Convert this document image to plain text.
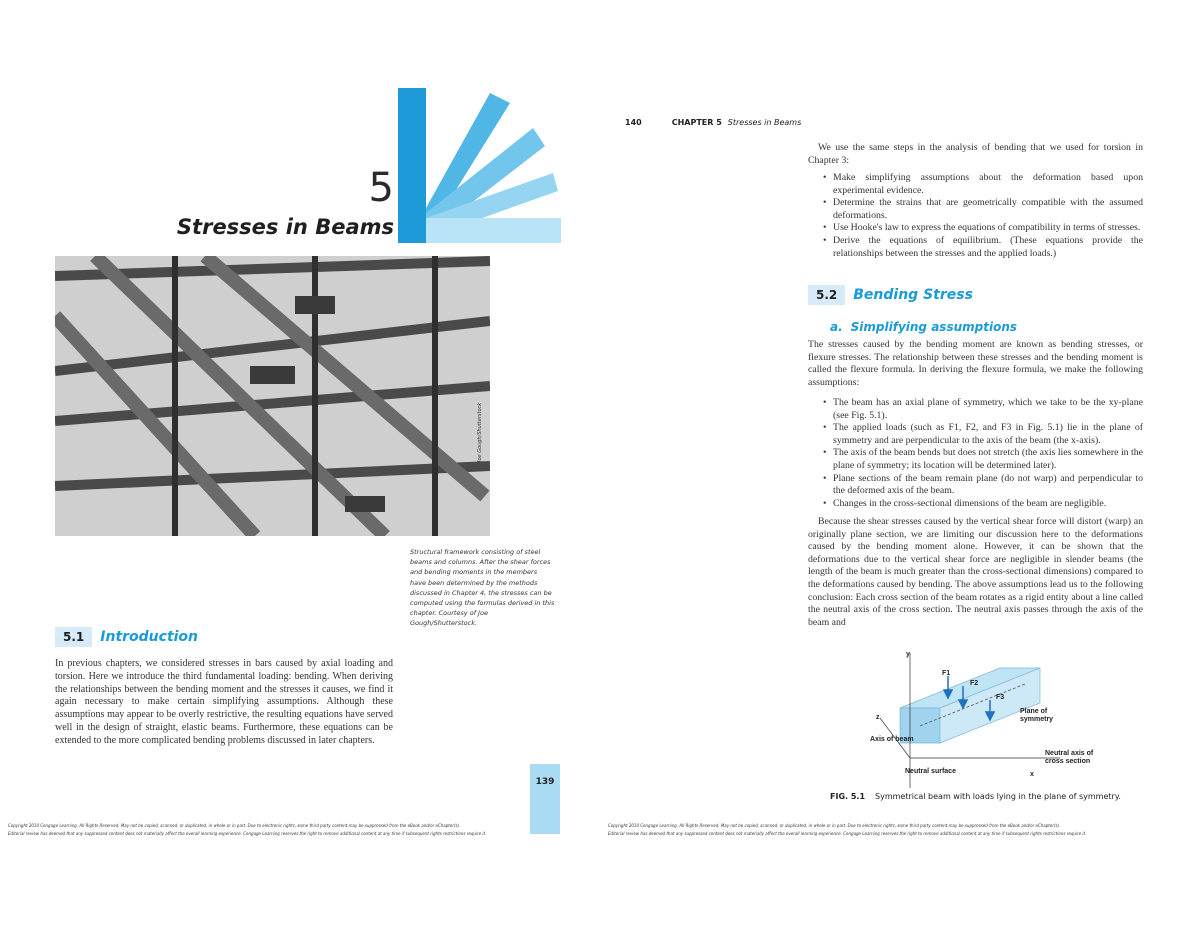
5
Stresses in Beams
Joe Gough/Shutterstock
Structural framework consisting of steel beams and columns. After the shear forces and bending moments in the members have been determined by the methods discussed in Chapter 4, the stresses can be computed using the formulas derived in this chapter. Courtesy of Joe Gough/Shutterstock.
5.1 Introduction
In previous chapters, we considered stresses in bars caused by axial loading and torsion. Here we introduce the third fundamental loading: bending. When deriving the relationships between the bending moment and the stresses it causes, we find it again necessary to make certain simplifying assumptions. Although these assumptions may appear to be overly restrictive, the resulting equations have served well in the design of straight, elastic beams. Furthermore, these equations can be extended to the more complicated bending problems discussed in later chapters.
139
Copyright 2010 Cengage Learning. All Rights Reserved. May not be copied, scanned, or duplicated, in whole or in part. Due to electronic rights, some third party content may be suppressed from the eBook and/or eChapter(s).
Editorial review has deemed that any suppressed content does not materially affect the overall learning experience. Cengage Learning reserves the right to remove additional content at any time if subsequent rights restrictions require it.
140	CHAPTER 5 Stresses in Beams
We use the same steps in the analysis of bending that we used for torsion in Chapter 3:
• Make simplifying assumptions about the deformation based upon experimental evidence.
• Determine the strains that are geometrically compatible with the assumed deformations.
• Use Hooke's law to express the equations of compatibility in terms of stresses.
• Derive the equations of equilibrium. (These equations provide the relationships between the stresses and the applied loads.)
5.2 Bending Stress
a. Simplifying assumptions
The stresses caused by the bending moment are known as bending stresses, or flexure stresses. The relationship between these stresses and the bending moment is called the flexure formula. In deriving the flexure formula, we make the following assumptions:
• The beam has an axial plane of symmetry, which we take to be the xy-plane (see Fig. 5.1).
• The applied loads (such as F1, F2, and F3 in Fig. 5.1) lie in the plane of symmetry and are perpendicular to the axis of the beam (the x-axis).
• The axis of the beam bends but does not stretch (the axis lies somewhere in the plane of symmetry; its location will be determined later).
• Plane sections of the beam remain plane (do not warp) and perpendicular to the deformed axis of the beam.
• Changes in the cross-sectional dimensions of the beam are negligible.
Because the shear stresses caused by the vertical shear force will distort (warp) an originally plane section, we are limiting our discussion here to the deformations caused by the bending moment alone. However, it can be shown that the deformations due to the vertical shear force are negligible in slender beams (the length of the beam is much greater than the cross-sectional dimensions) compared to the deformations caused by bending. The above assumptions lead us to the following conclusion: Each cross section of the beam rotates as a rigid entity about a line called the neutral axis of the cross section. The neutral axis passes through the axis of the beam and
y
F1
F2
F3
Plane of symmetry
z
Axis of beam
Neutral axis of cross section
Neutral surface	x
FIG. 5.1 Symmetrical beam with loads lying in the plane of symmetry.
Copyright 2010 Cengage Learning. All Rights Reserved. May not be copied, scanned, or duplicated, in whole or in part. Due to electronic rights, some third party content may be suppressed from the eBook and/or eChapter(s).
Editorial review has deemed that any suppressed content does not materially affect the overall learning experience. Cengage Learning reserves the right to remove additional content at any time if subsequent rights restrictions require it.
